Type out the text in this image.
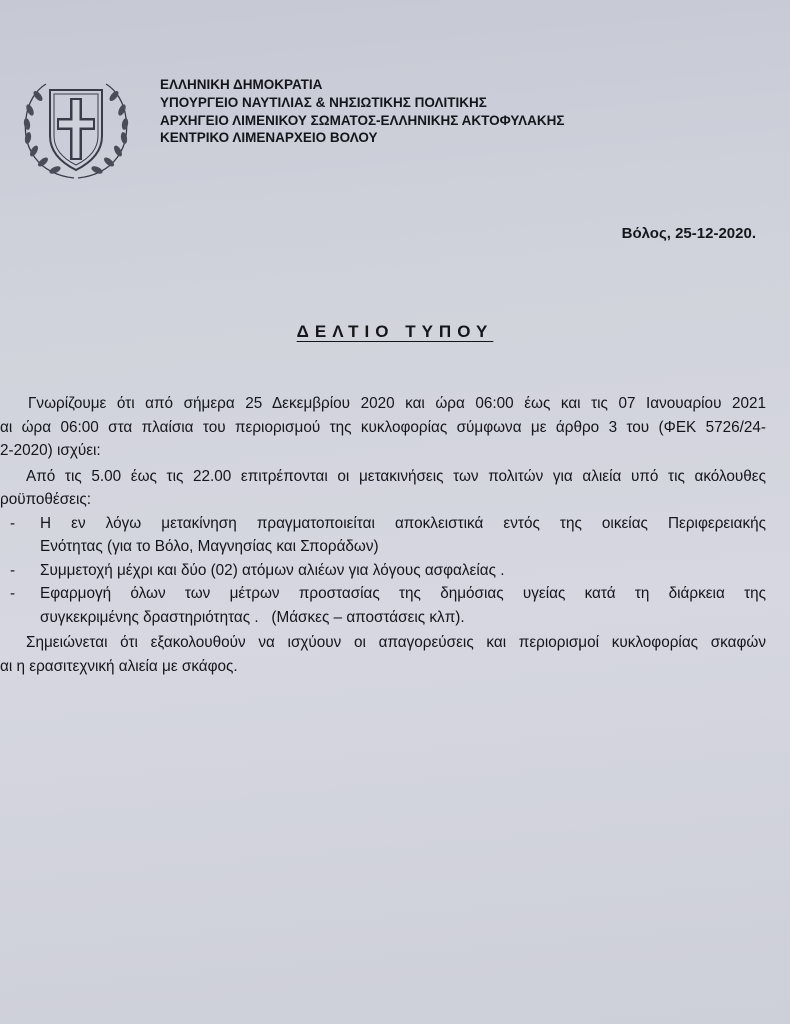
ΕΛΛΗΝΙΚΗ ΔΗΜΟΚΡΑΤΙΑ
ΥΠΟΥΡΓΕΙΟ ΝΑΥΤΙΛΙΑΣ & ΝΗΣΙΩΤΙΚΗΣ ΠΟΛΙΤΙΚΗΣ
ΑΡΧΗΓΕΙΟ ΛΙΜΕΝΙΚΟΥ ΣΩΜΑΤΟΣ-ΕΛΛΗΝΙΚΗΣ ΑΚΤΟΦΥΛΑΚΗΣ
ΚΕΝΤΡΙΚΟ ΛΙΜΕΝΑΡΧΕΙΟ ΒΟΛΟΥ
Βόλος, 25-12-2020.
ΔΕΛΤΙΟ ΤΥΠΟΥ
Γνωρίζουμε ότι από σήμερα 25 Δεκεμβρίου 2020 και ώρα 06:00 έως και τις 07 Ιανουαρίου 2021
αι ώρα 06:00 στα πλαίσια του περιορισμού της κυκλοφορίας σύμφωνα με άρθρο 3 του (ΦΕΚ 5726/24-
2-2020) ισχύει:
Από τις 5.00 έως τις 22.00 επιτρέπονται οι μετακινήσεις των πολιτών για αλιεία υπό τις ακόλουθες
ροϋποθέσεις:
-	Η εν λόγω μετακίνηση πραγματοποιείται αποκλειστικά εντός της οικείας Περιφερειακής
Ενότητας (για το Βόλο, Μαγνησίας και Σποράδων)
-	Συμμετοχή μέχρι και δύο (02) ατόμων αλιέων για λόγους ασφαλείας .
-	Εφαρμογή όλων των μέτρων προστασίας της δημόσιας υγείας κατά τη διάρκεια της
συγκεκριμένης δραστηριότητας .   (Μάσκες – αποστάσεις κλπ).
Σημειώνεται ότι εξακολουθούν να ισχύουν οι απαγορεύσεις και περιορισμοί κυκλοφορίας σκαφών
αι η ερασιτεχνική αλιεία με σκάφος.
